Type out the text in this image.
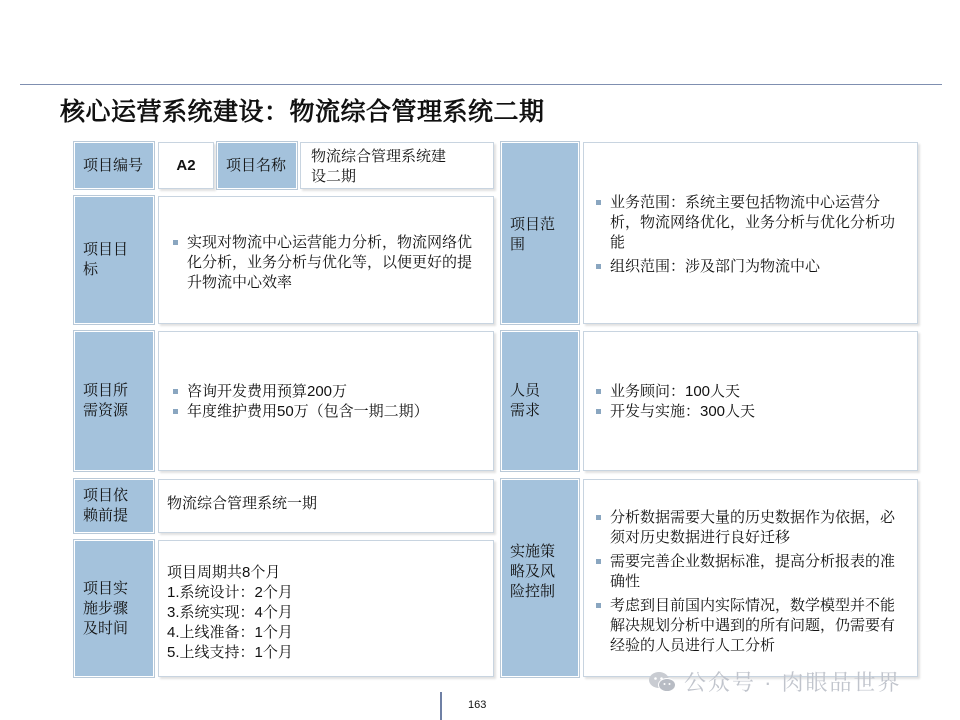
核心运营系统建设：物流综合管理系统二期
项目编号 A2 项目名称 物流综合管理系统建设二期
项目目标
实现对物流中心运营能力分析，物流网络优化分析，业务分析与优化等，以便更好的提升物流中心效率
项目所需资源
咨询开发费用预算200万
年度维护费用50万（包含一期二期）
项目依赖前提
物流综合管理系统一期
项目实施步骤及时间
项目周期共8个月
1.系统设计：2个月
3.系统实现：4个月
4.上线准备：1个月
5.上线支持：1个月
项目范围
业务范围：系统主要包括物流中心运营分析，物流网络优化，业务分析与优化分析功能
组织范围：涉及部门为物流中心
人员需求
业务顾问：100人天
开发与实施：300人天
实施策略及风险控制
分析数据需要大量的历史数据作为依据，必须对历史数据进行良好迁移
需要完善企业数据标准，提高分析报表的准确性
考虑到目前国内实际情况，数学模型并不能解决规划分析中遇到的所有问题，仍需要有经验的人员进行人工分析
163
公众号 · 肉眼品世界
